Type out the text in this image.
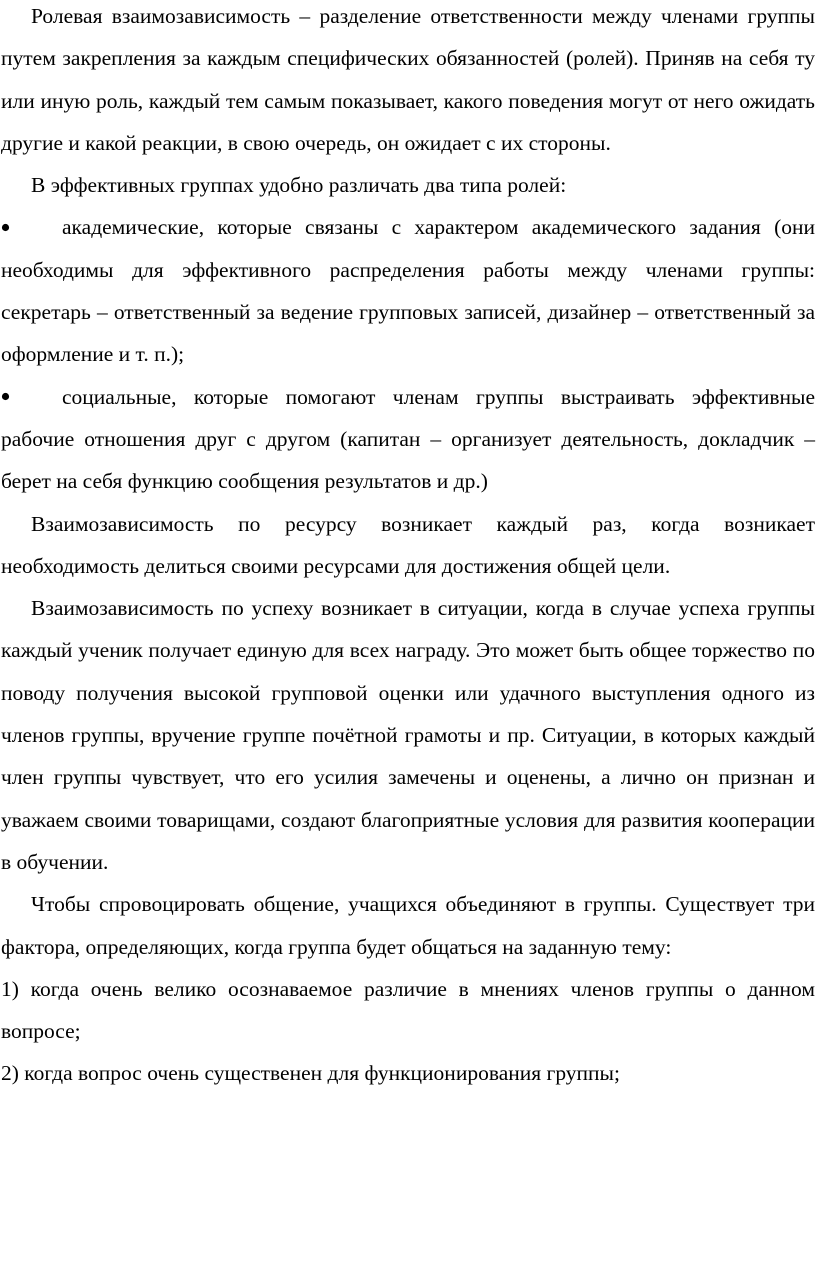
Ролевая взаимозависимость – разделение ответственности между членами группы путем закрепления за каждым специфических обязанностей (ролей). Приняв на себя ту или иную роль, каждый тем самым показывает, какого поведения могут от него ожидать другие и какой реакции, в свою очередь, он ожидает с их стороны.

В эффективных группах удобно различать два типа ролей:

академические, которые связаны с характером академического задания (они необходимы для эффективного распределения работы между членами группы: секретарь – ответственный за ведение групповых записей, дизайнер – ответственный за оформление и т. п.);

социальные, которые помогают членам группы выстраивать эффективные рабочие отношения друг с другом (капитан – организует деятельность, докладчик – берет на себя функцию сообщения результатов и др.)

Взаимозависимость по ресурсу возникает каждый раз, когда возникает необходимость делиться своими ресурсами для достижения общей цели.

Взаимозависимость по успеху возникает в ситуации, когда в случае успеха группы каждый ученик получает единую для всех награду. Это может быть общее торжество по поводу получения высокой групповой оценки или удачного выступления одного из членов группы, вручение группе почётной грамоты и пр. Ситуации, в которых каждый член группы чувствует, что его усилия замечены и оценены, а лично он признан и уважаем своими товарищами, создают благоприятные условия для развития кооперации в обучении.

Чтобы спровоцировать общение, учащихся объединяют в группы. Существует три фактора, определяющих, когда группа будет общаться на заданную тему:

1) когда очень велико осознаваемое различие в мнениях членов группы о данном вопросе;

2) когда вопрос очень существенен для функционирования группы;
